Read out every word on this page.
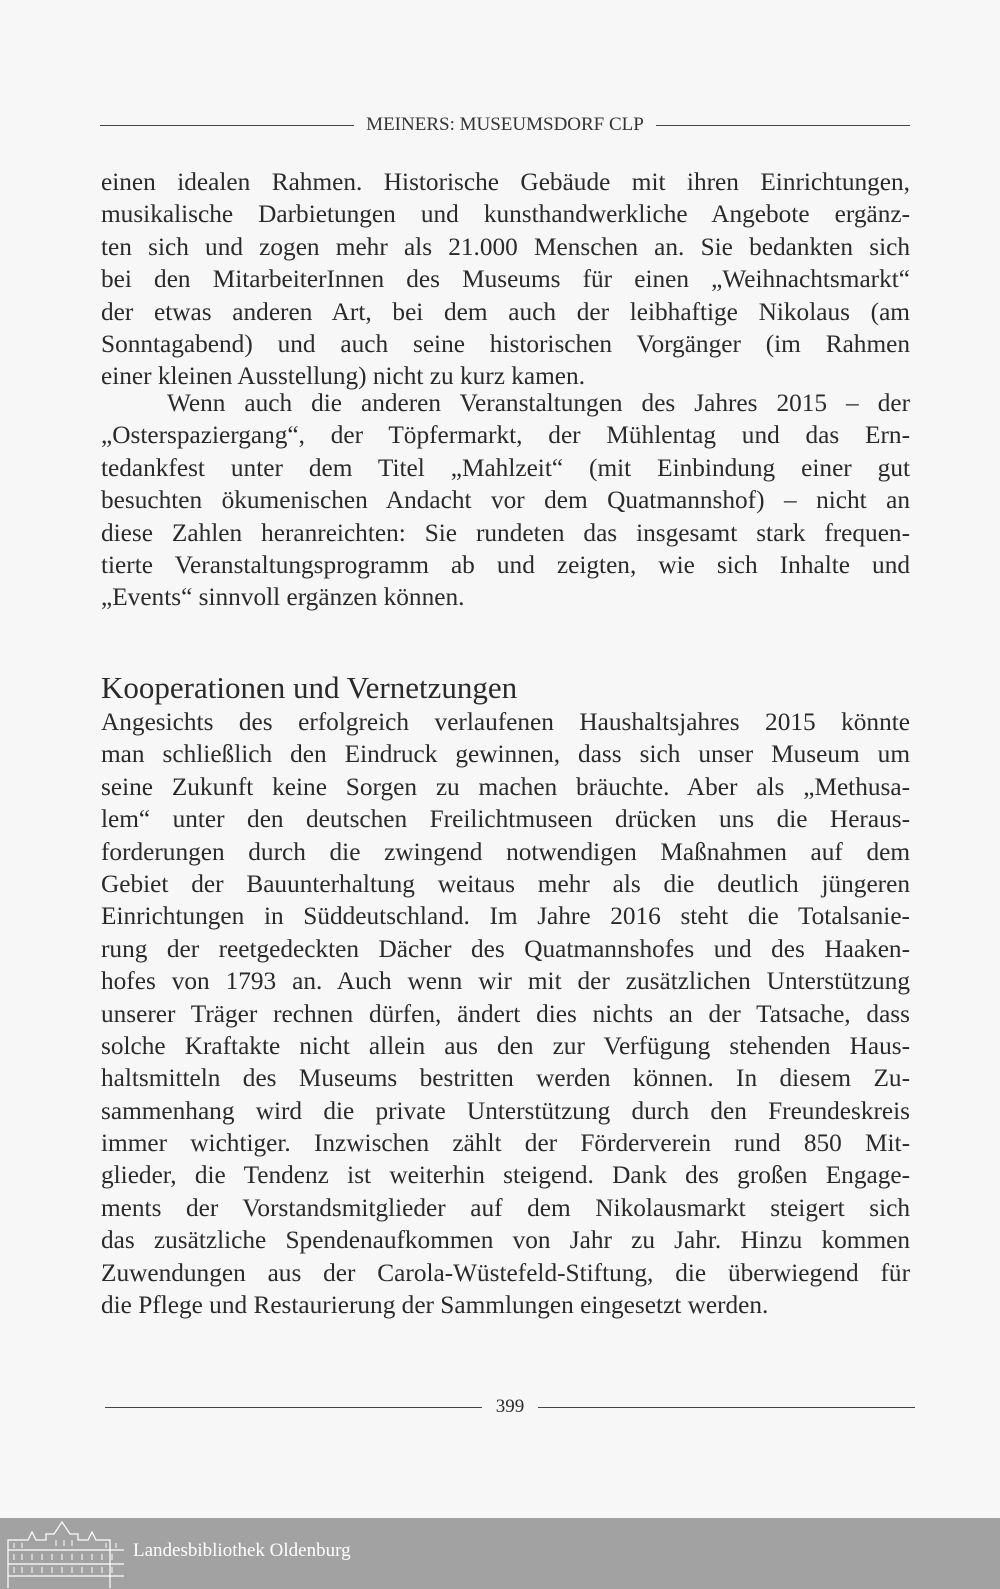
MEINERS: MUSEUMSDORF CLP
einen idealen Rahmen. Historische Gebäude mit ihren Einrichtungen,
musikalische Darbietungen und kunsthandwerkliche Angebote ergänz-
ten sich und zogen mehr als 21.000 Menschen an. Sie bedankten sich
bei den MitarbeiterInnen des Museums für einen „Weihnachtsmarkt“
der etwas anderen Art, bei dem auch der leibhaftige Nikolaus (am
Sonntagabend) und auch seine historischen Vorgänger (im Rahmen
einer kleinen Ausstellung) nicht zu kurz kamen.
Wenn auch die anderen Veranstaltungen des Jahres 2015 – der
„Osterspaziergang“, der Töpfermarkt, der Mühlentag und das Ern-
tedankfest unter dem Titel „Mahlzeit“ (mit Einbindung einer gut
besuchten ökumenischen Andacht vor dem Quatmannshof) – nicht an
diese Zahlen heranreichten: Sie rundeten das insgesamt stark frequen-
tierte Veranstaltungsprogramm ab und zeigten, wie sich Inhalte und
„Events“ sinnvoll ergänzen können.
Kooperationen und Vernetzungen
Angesichts des erfolgreich verlaufenen Haushaltsjahres 2015 könnte
man schließlich den Eindruck gewinnen, dass sich unser Museum um
seine Zukunft keine Sorgen zu machen bräuchte. Aber als „Methusa-
lem“ unter den deutschen Freilichtmuseen drücken uns die Heraus-
forderungen durch die zwingend notwendigen Maßnahmen auf dem
Gebiet der Bauunterhaltung weitaus mehr als die deutlich jüngeren
Einrichtungen in Süddeutschland. Im Jahre 2016 steht die Totalsanie-
rung der reetgedeckten Dächer des Quatmannshofes und des Haaken-
hofes von 1793 an. Auch wenn wir mit der zusätzlichen Unterstützung
unserer Träger rechnen dürfen, ändert dies nichts an der Tatsache, dass
solche Kraftakte nicht allein aus den zur Verfügung stehenden Haus-
haltsmitteln des Museums bestritten werden können. In diesem Zu-
sammenhang wird die private Unterstützung durch den Freundeskreis
immer wichtiger. Inzwischen zählt der Förderverein rund 850 Mit-
glieder, die Tendenz ist weiterhin steigend. Dank des großen Engage-
ments der Vorstandsmitglieder auf dem Nikolausmarkt steigert sich
das zusätzliche Spendenaufkommen von Jahr zu Jahr. Hinzu kommen
Zuwendungen aus der Carola-Wüstefeld-Stiftung, die überwiegend für
die Pflege und Restaurierung der Sammlungen eingesetzt werden.
399
Landesbibliothek Oldenburg
